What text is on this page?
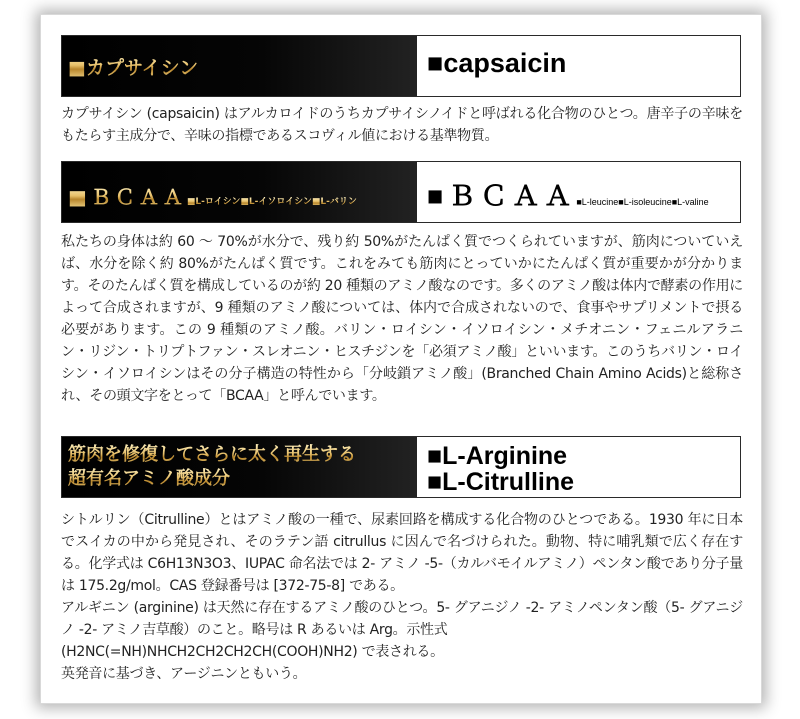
■カプサイシン	■capsaicin

カプサイシン (capsaicin) はアルカロイドのうちカプサイシノイドと呼ばれる化合物のひとつ。唐辛子の辛味をもたらす主成分で、辛味の指標であるスコヴィル値における基準物質。

■ＢＣＡＡ■L-ロイシン■L-イソロイシン■L-バリン	■ＢＣＡＡ■L-leucine■L-isoleucine■L-valine

私たちの身体は約 60 ～ 70%が水分で、残り約 50%がたんぱく質でつくられていますが、筋肉についていえば、水分を除く約 80%がたんぱく質です。これをみても筋肉にとっていかにたんぱく質が重要かが分かります。そのたんぱく質を構成しているのが約 20 種類のアミノ酸なのです。多くのアミノ酸は体内で酵素の作用によって合成されますが、9 種類のアミノ酸については、体内で合成されないので、食事やサプリメントで摂る必要があります。この 9 種類のアミノ酸。バリン・ロイシン・イソロイシン・メチオニン・フェニルアラニン・リジン・トリプトファン・スレオニン・ヒスチジンを「必須アミノ酸」といいます。このうちバリン・ロイシン・イソロイシンはその分子構造の特性から「分岐鎖アミノ酸」(Branched Chain Amino Acids)と総称され、その頭文字をとって「BCAA」と呼んでいます。

筋肉を修復してさらに太く再生する
超有名アミノ酸成分
■L-Arginine
■L-Citrulline

シトルリン（Citrulline）とはアミノ酸の一種で、尿素回路を構成する化合物のひとつである。1930 年に日本でスイカの中から発見され、そのラテン語 citrullus に因んで名づけられた。動物、特に哺乳類で広く存在する。化学式は C6H13N3O3、IUPAC 命名法では 2- アミノ -5-（カルバモイルアミノ）ペンタン酸であり分子量は 175.2g/mol。CAS 登録番号は [372-75-8] である。
アルギニン (arginine) は天然に存在するアミノ酸のひとつ。5- グアニジノ -2- アミノペンタン酸（5- グアニジノ -2- アミノ吉草酸）のこと。略号は R あるいは Arg。示性式
(H2NC(=NH)NHCH2CH2CH2CH(COOH)NH2) で表される。
英発音に基づき、アージニンともいう。
